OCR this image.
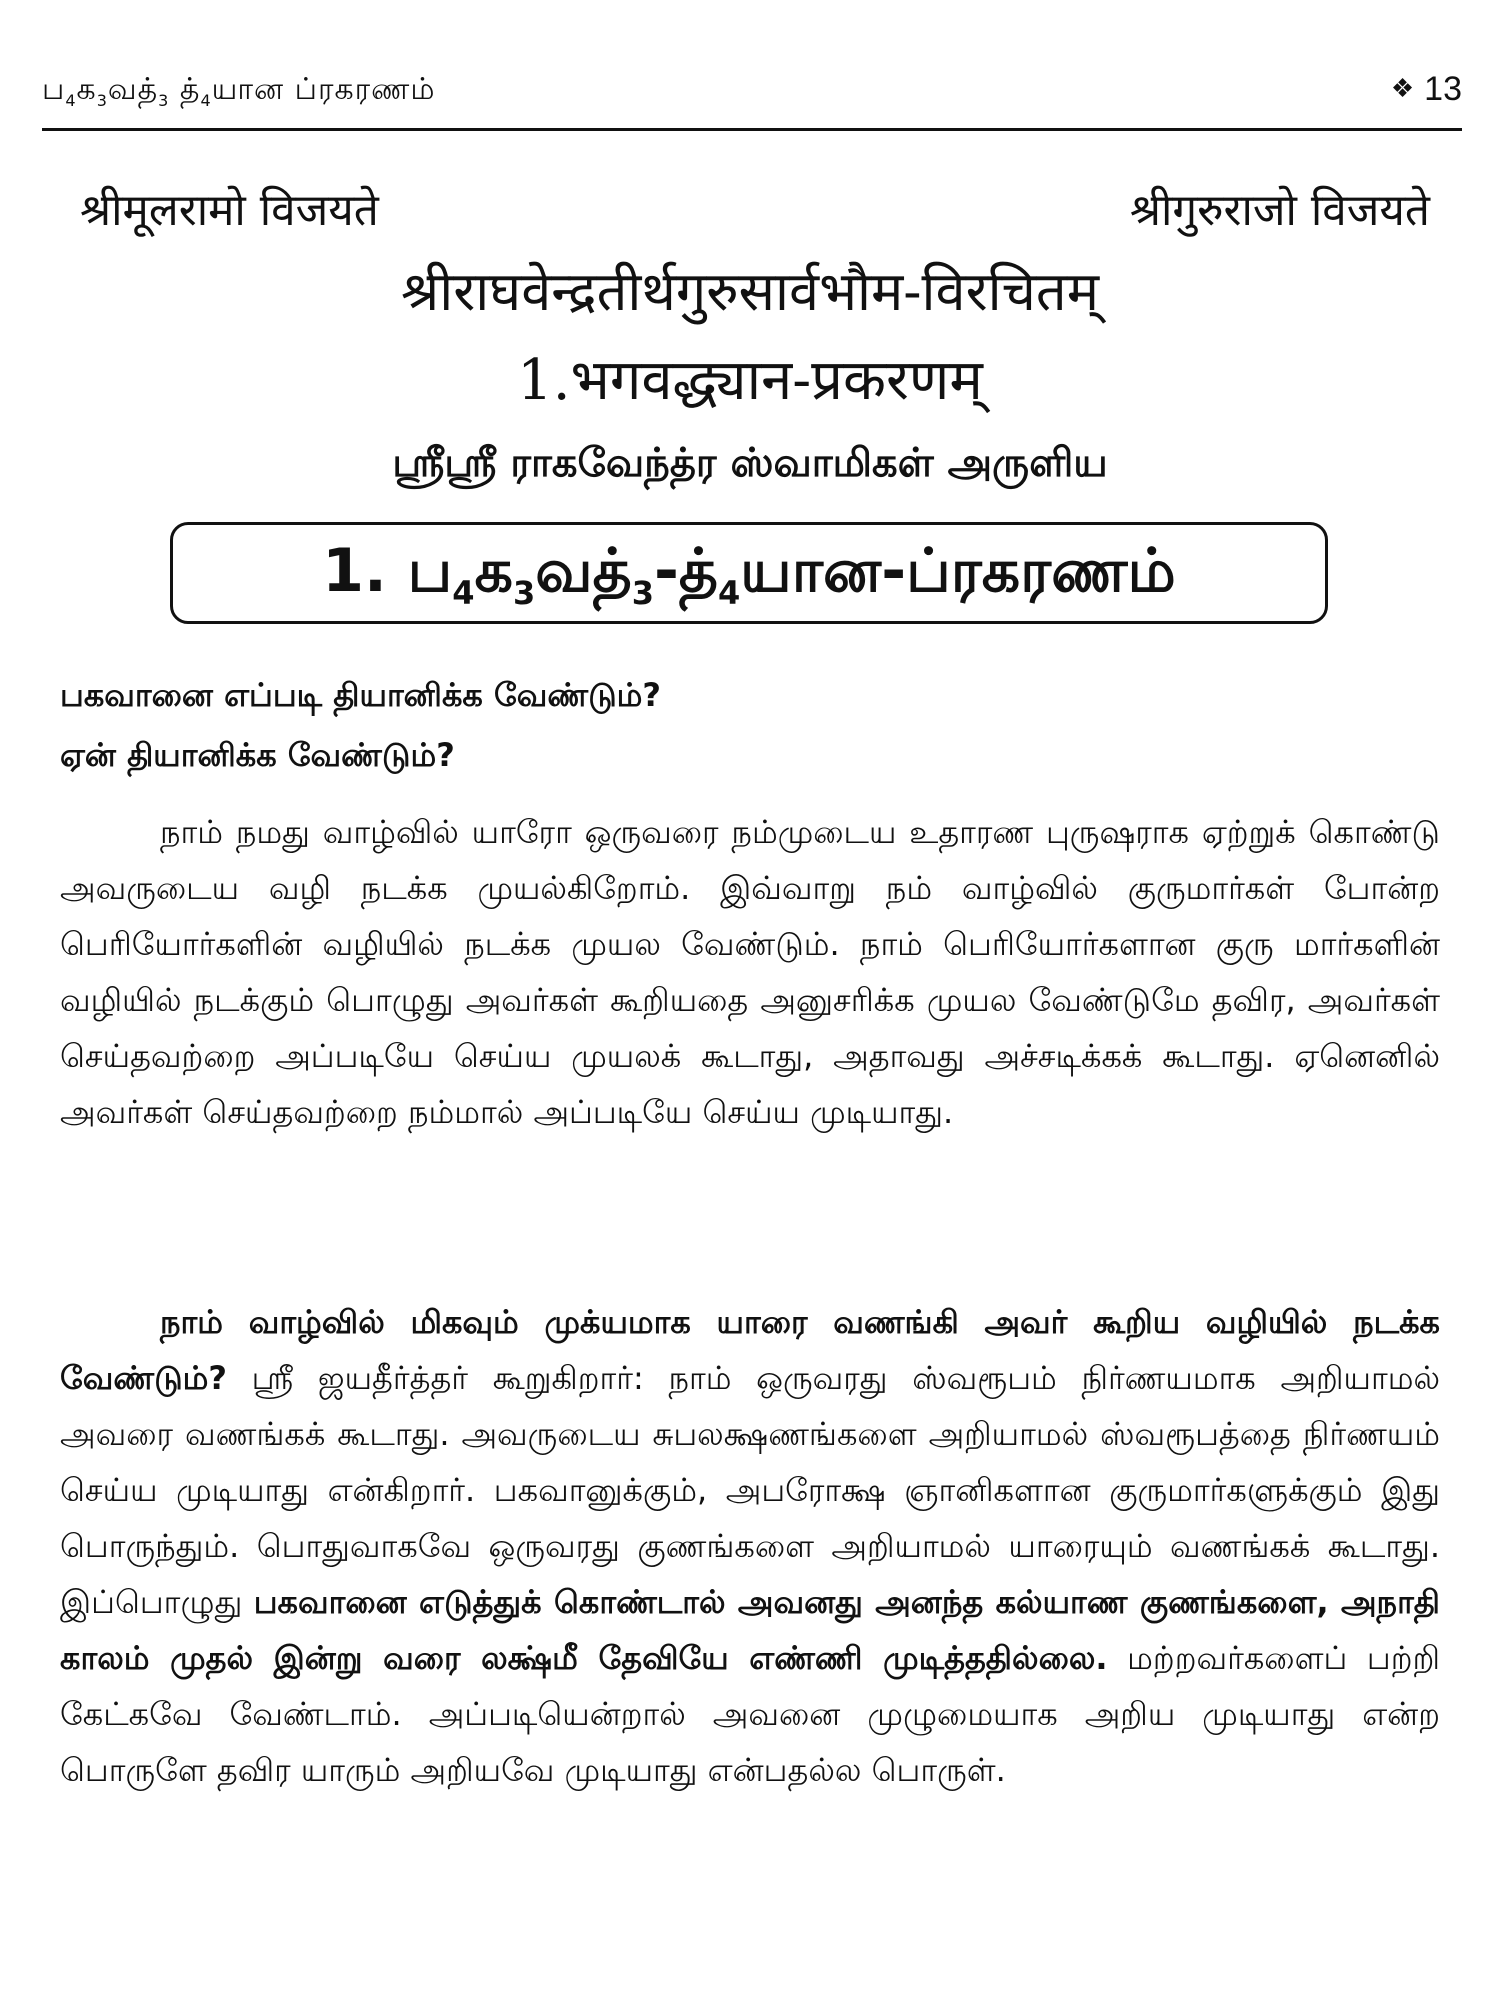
$ப_4க_3வத்_3$ $த்_4யான$ ப்ரகரணம்	❖ 13
श्रीमूलरामो विजयते	श्रीगुरुराजो विजयते
श्रीराघवेन्द्रतीर्थगुरुसार्वभौम-विरचितम्
1.भगवद्ध्यान-प्रकरणम्
ஸ்ரீஸ்ரீ ராகவேந்த்ர ஸ்வாமிகள் அருளிய
1. $ப_4க_3வத்_3-த்_4யான-ப்ரகரணம்$
பகவானை எப்படி தியானிக்க வேண்டும்?
ஏன் தியானிக்க வேண்டும்?

நாம் நமது வாழ்வில் யாரோ ஒருவரை நம்முடைய உதாரண புருஷராக ஏற்றுக் கொண்டு அவருடைய வழி நடக்க முயல்கிறோம். இவ்வாறு நம் வாழ்வில் குருமார்கள் போன்ற பெரியோர்களின் வழியில் நடக்க முயல வேண்டும். நாம் பெரியோர்களான குரு மார்களின் வழியில் நடக்கும் பொழுது அவர்கள் கூறியதை அனுசரிக்க முயல வேண்டுமே தவிர, அவர்கள் செய்தவற்றை அப்படியே செய்ய முயலக் கூடாது, அதாவது அச்சடிக்கக் கூடாது. ஏனெனில் அவர்கள் செய்தவற்றை நம்மால் அப்படியே செய்ய முடியாது.

நாம் வாழ்வில் மிகவும் முக்யமாக யாரை வணங்கி அவர் கூறிய வழியில் நடக்க வேண்டும்? ஸ்ரீ ஜயதீர்த்தர் கூறுகிறார்: நாம் ஒருவரது ஸ்வரூபம் நிர்ணயமாக அறியாமல் அவரை வணங்கக் கூடாது. அவருடைய சுபலக்ஷணங்களை அறியாமல் ஸ்வரூபத்தை நிர்ணயம் செய்ய முடியாது என்கிறார். பகவானுக்கும், அபரோக்ஷ ஞானிகளான குருமார்களுக்கும் இது பொருந்தும். பொதுவாகவே ஒருவரது குணங்களை அறியாமல் யாரையும் வணங்கக் கூடாது. இப்பொழுது பகவானை எடுத்துக் கொண்டால் அவனது அனந்த கல்யாண குணங்களை, அநாதி காலம் முதல் இன்று வரை லக்ஷ்மீ தேவியே எண்ணி முடித்ததில்லை. மற்றவர்களைப் பற்றி கேட்கவே வேண்டாம். அப்படியென்றால் அவனை முழுமையாக அறிய முடியாது என்ற பொருளே தவிர யாரும் அறியவே முடியாது என்பதல்ல பொருள்.
